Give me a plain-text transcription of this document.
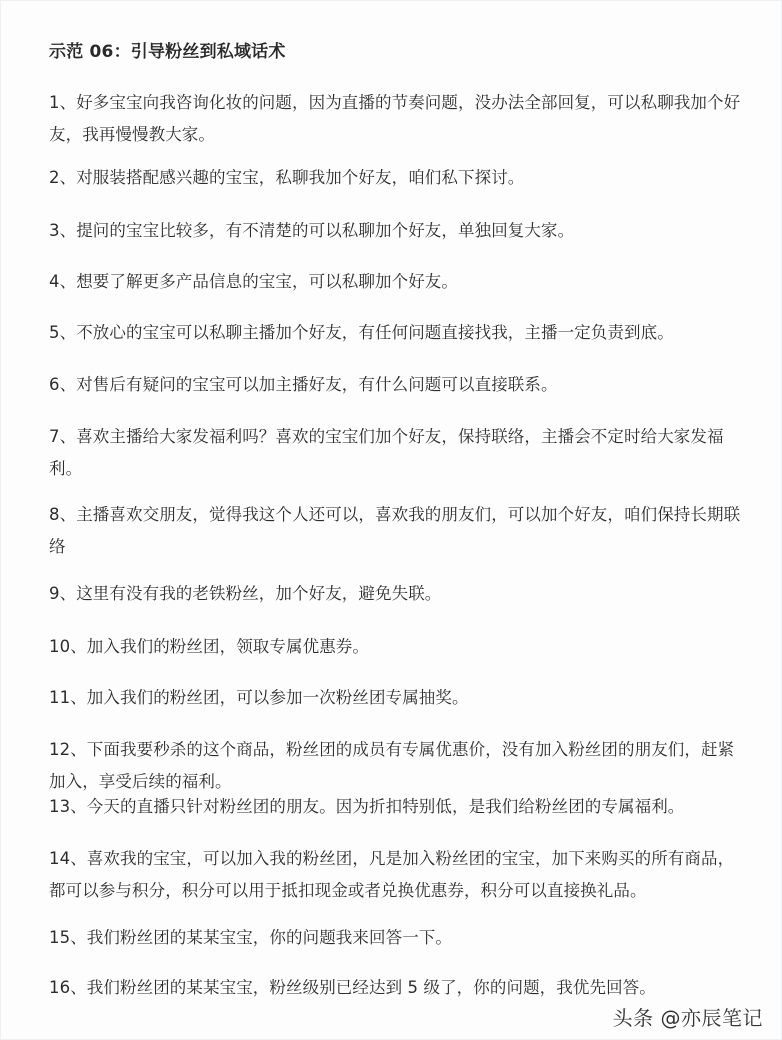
示范 06：引导粉丝到私域话术
1、好多宝宝向我咨询化妆的问题，因为直播的节奏问题，没办法全部回复，可以私聊我加个好友，我再慢慢教大家。
2、对服装搭配感兴趣的宝宝，私聊我加个好友，咱们私下探讨。
3、提问的宝宝比较多，有不清楚的可以私聊加个好友，单独回复大家。
4、想要了解更多产品信息的宝宝，可以私聊加个好友。
5、不放心的宝宝可以私聊主播加个好友，有任何问题直接找我，主播一定负责到底。
6、对售后有疑问的宝宝可以加主播好友，有什么问题可以直接联系。
7、喜欢主播给大家发福利吗？喜欢的宝宝们加个好友，保持联络，主播会不定时给大家发福利。
8、主播喜欢交朋友，觉得我这个人还可以，喜欢我的朋友们，可以加个好友，咱们保持长期联络
9、这里有没有我的老铁粉丝，加个好友，避免失联。
10、加入我们的粉丝团，领取专属优惠券。
11、加入我们的粉丝团，可以参加一次粉丝团专属抽奖。
12、下面我要秒杀的这个商品，粉丝团的成员有专属优惠价，没有加入粉丝团的朋友们，赶紧加入，享受后续的福利。
13、今天的直播只针对粉丝团的朋友。因为折扣特别低，是我们给粉丝团的专属福利。
14、喜欢我的宝宝，可以加入我的粉丝团，凡是加入粉丝团的宝宝，加下来购买的所有商品，都可以参与积分，积分可以用于抵扣现金或者兑换优惠券，积分可以直接换礼品。
15、我们粉丝团的某某宝宝，你的问题我来回答一下。
16、我们粉丝团的某某宝宝，粉丝级别已经达到 5 级了，你的问题，我优先回答。
头条 @亦辰笔记
